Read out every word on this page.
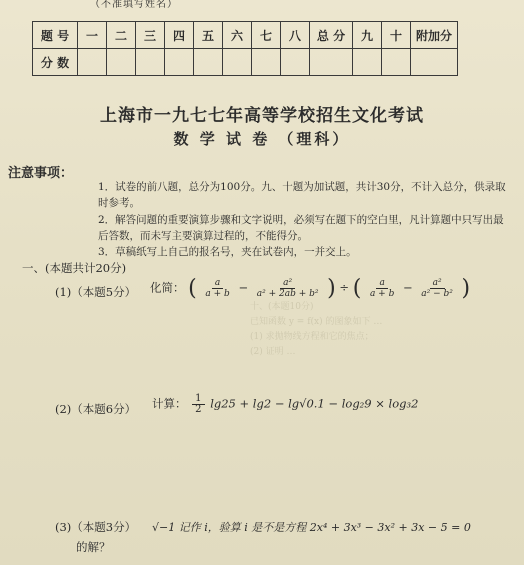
（不准填写姓名）
题 号	一	二	三	四	五	六	七	八	总 分	九	十	附加分
分 数												
上海市一九七七年高等学校招生文化考试
数 学 试 卷 （理科）
注意事项：
1．试卷的前八题，总分为100分。九、十题为加试题，共计30分，不计入总分，供录取时参考。
2．解答问题的重要演算步骤和文字说明，必须写在题下的空白里，凡计算题中只写出最后答数，而未写主要演算过程的，不能得分。
3．草稿纸写上自己的报名号，夹在试卷内，一并交上。
一、(本题共计20分)
(1)（本题5分） 化简： ( $\frac{a}{a + b} - \frac{\text{a²}}{\text{a² + 2ab + b²}}$ ) ÷ ( $\frac{a}{a + b} - \frac{\text{a²}}{\text{a² − b²}}$ )
十、(本题10分)
已知函数 y = f(x) 的图象如下 …
(1) 求抛物线方程和它的焦点；
(2) 证明 …
(2)（本题6分） 计算： $\frac{1}{2} \lg 25 + \lg 2 - \lg√0.1 - \log_29 \times \log_32$
(3)（本题3分） √−1 记作 i，验算 i 是不是方程 2x⁴ + 3x³ − 3x² + 3x − 5 = 0
的解？
